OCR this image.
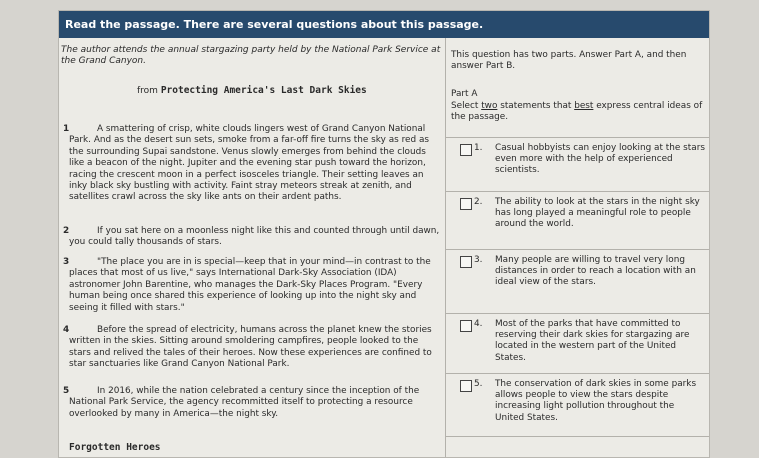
Read the passage. There are several questions about this passage.
The author attends the annual stargazing party held by the National Park Service at the Grand Canyon.
from Protecting America's Last Dark Skies
1	A smattering of crisp, white clouds lingers west of Grand Canyon National Park. And as the desert sun sets, smoke from a far-off fire turns the sky as red as the surrounding Supai sandstone. Venus slowly emerges from behind the clouds like a beacon of the night. Jupiter and the evening star push toward the horizon, racing the crescent moon in a perfect isosceles triangle. Their setting leaves an inky black sky bustling with activity. Faint stray meteors streak at zenith, and satellites crawl across the sky like ants on their ardent paths.

2	If you sat here on a moonless night like this and counted through until dawn, you could tally thousands of stars.

3	"The place you are in is special—keep that in your mind—in contrast to the places that most of us live," says International Dark-Sky Association (IDA) astronomer John Barentine, who manages the Dark-Sky Places Program. "Every human being once shared this experience of looking up into the night sky and seeing it filled with stars."

4	Before the spread of electricity, humans across the planet knew the stories written in the skies. Sitting around smoldering campfires, people looked to the stars and relived the tales of their heroes. Now these experiences are confined to star sanctuaries like Grand Canyon National Park.

5	In 2016, while the nation celebrated a century since the inception of the National Park Service, the agency recommitted itself to protecting a resource overlooked by many in America—the night sky.

Forgotten Heroes
This question has two parts. Answer Part A, and then answer Part B.
Part A
Select two statements that best express central ideas of the passage.
1. Casual hobbyists can enjoy looking at the stars even more with the help of experienced scientists.

2. The ability to look at the stars in the night sky has long played a meaningful role to people around the world.

3. Many people are willing to travel very long distances in order to reach a location with an ideal view of the stars.

4. Most of the parks that have committed to reserving their dark skies for stargazing are located in the western part of the United States.

5. The conservation of dark skies in some parks allows people to view the stars despite increasing light pollution throughout the United States.
